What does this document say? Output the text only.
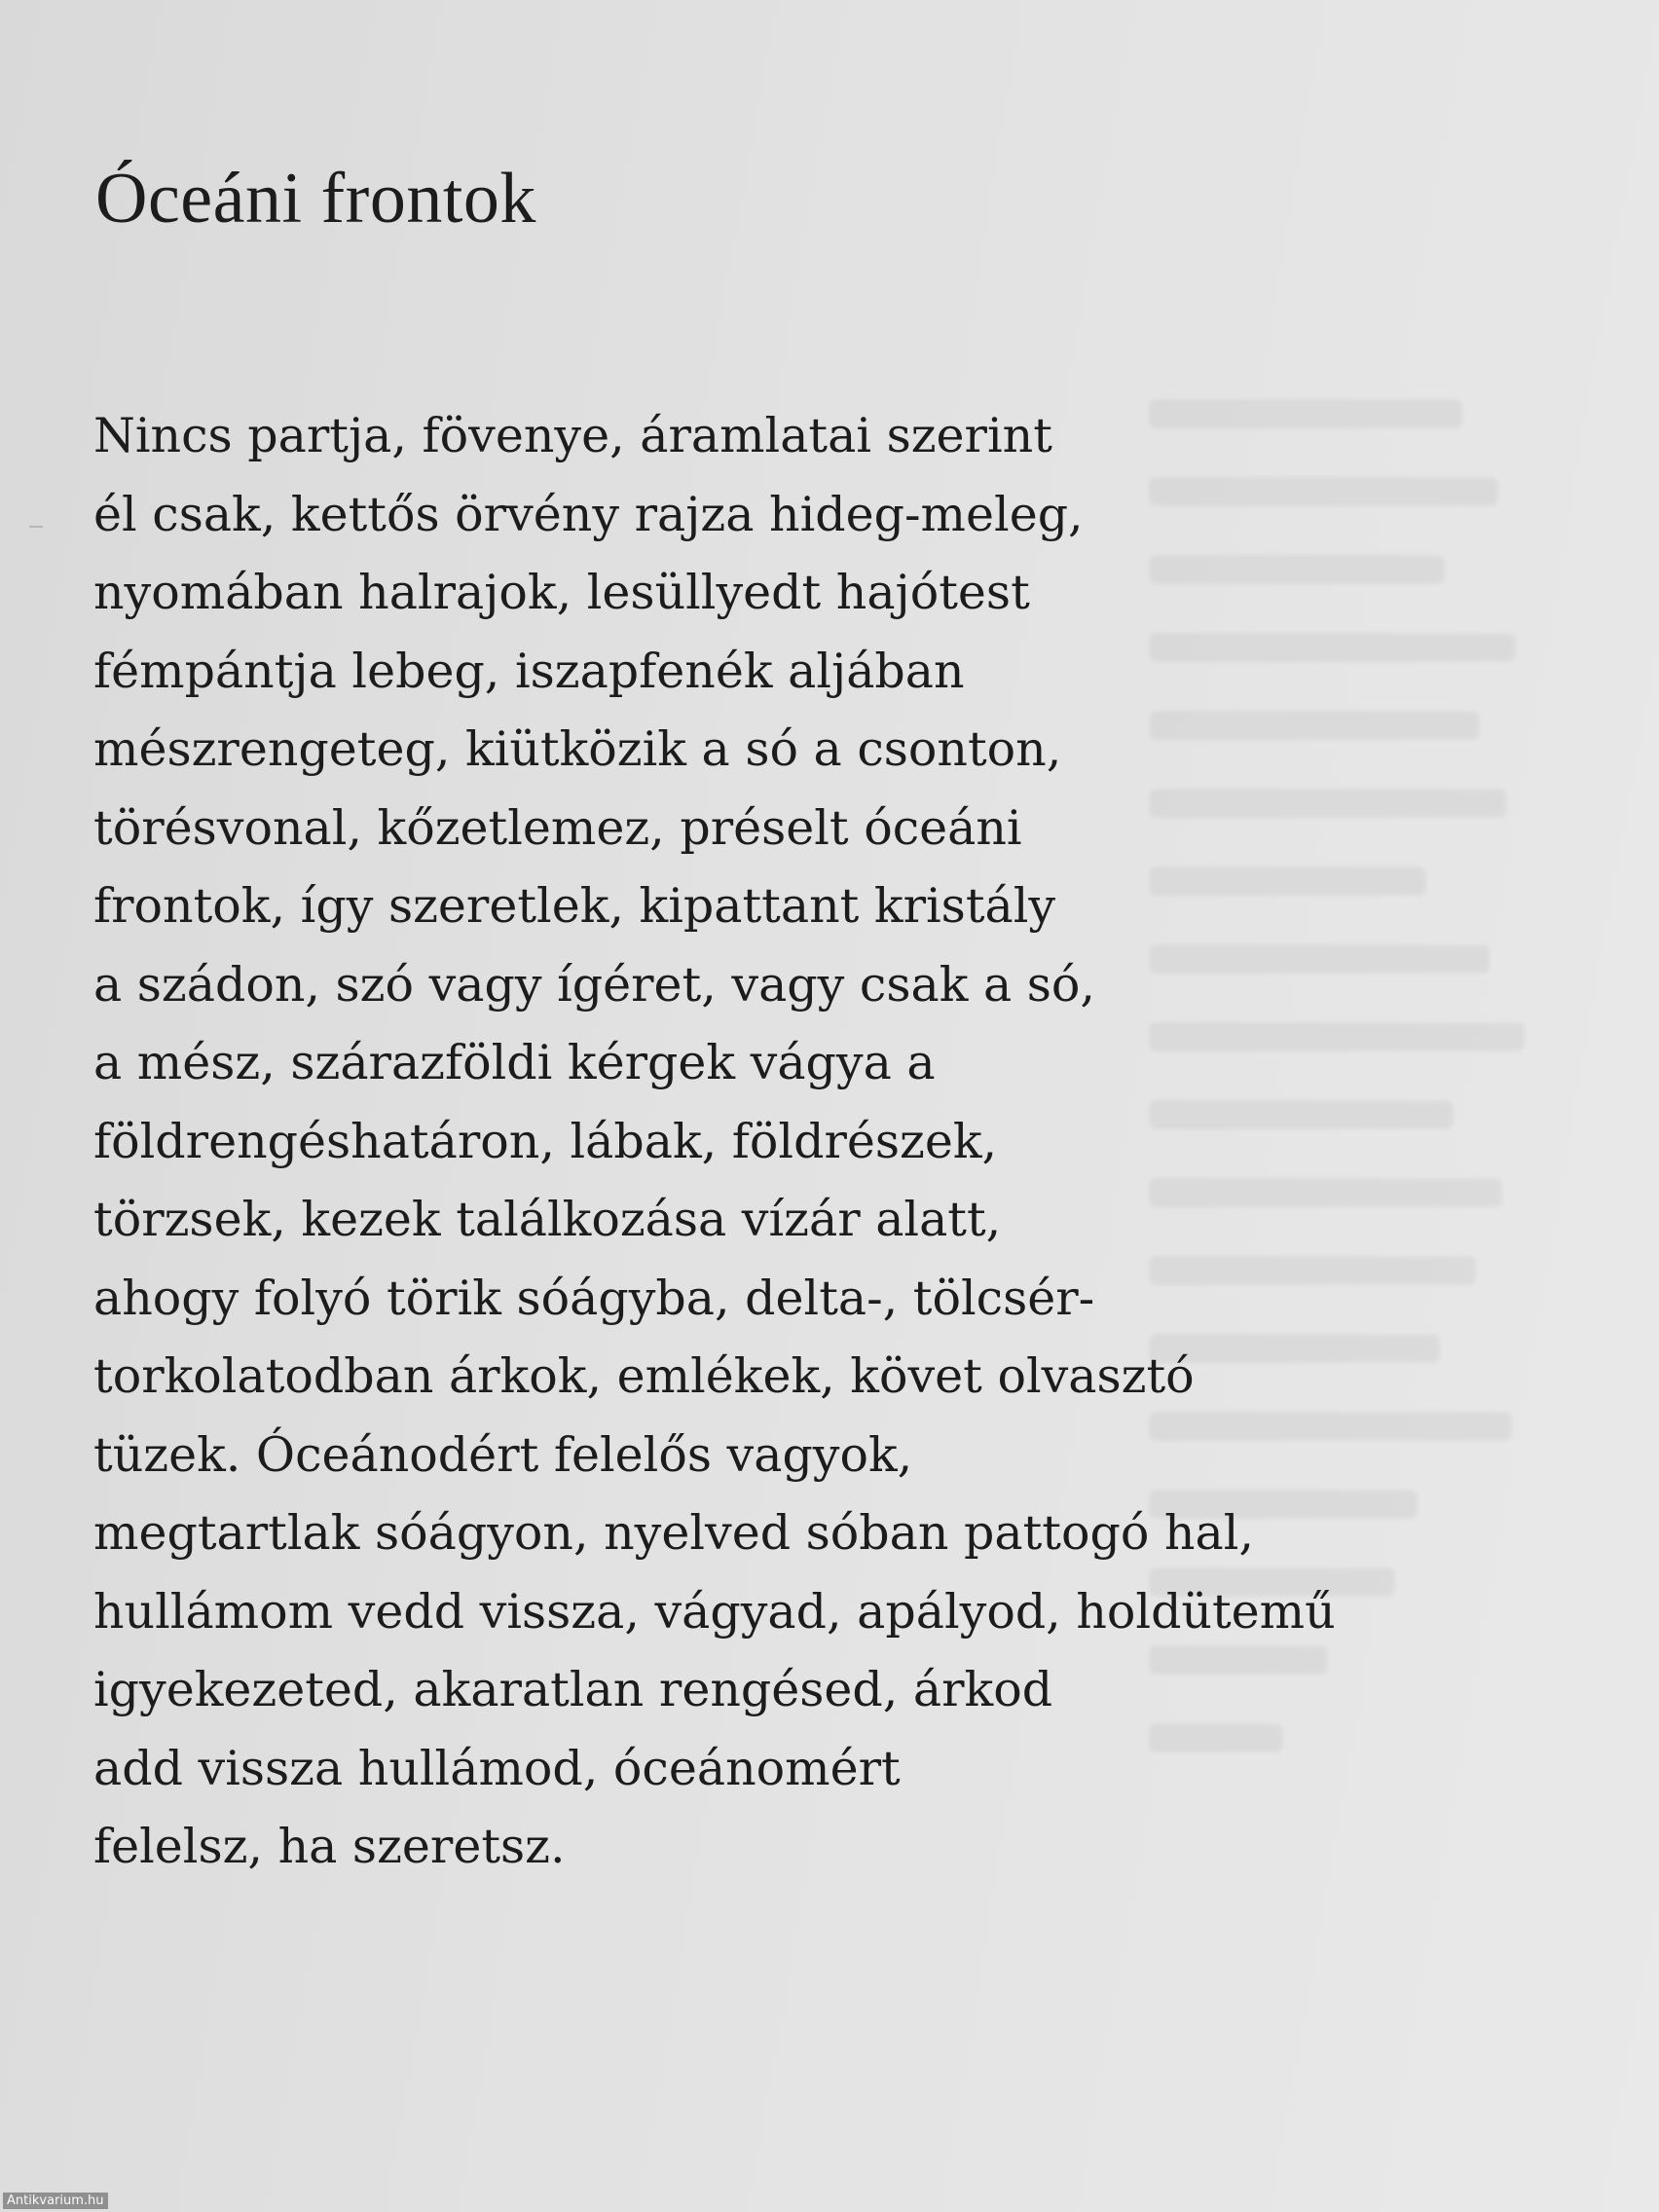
Óceáni frontok
Nincs partja, fövenye, áramlatai szerint
él csak, kettős örvény rajza hideg-meleg,
nyomában halrajok, lesüllyedt hajótest
fémpántja lebeg, iszapfenék aljában
mészrengeteg, kiütközik a só a csonton,
törésvonal, kőzetlemez, préselt óceáni
frontok, így szeretlek, kipattant kristály
a szádon, szó vagy ígéret, vagy csak a só,
a mész, szárazföldi kérgek vágya a
földrengéshatáron, lábak, földrészek,
törzsek, kezek találkozása vízár alatt,
ahogy folyó törik sóágyba, delta-, tölcsér-
torkolatodban árkok, emlékek, követ olvasztó
tüzek. Óceánodért felelős vagyok,
megtartlak sóágyon, nyelved sóban pattogó hal,
hullámom vedd vissza, vágyad, apályod, holdütemű
igyekezeted, akaratlan rengésed, árkod
add vissza hullámod, óceánomért
felelsz, ha szeretsz.
Antikvarium.hu
